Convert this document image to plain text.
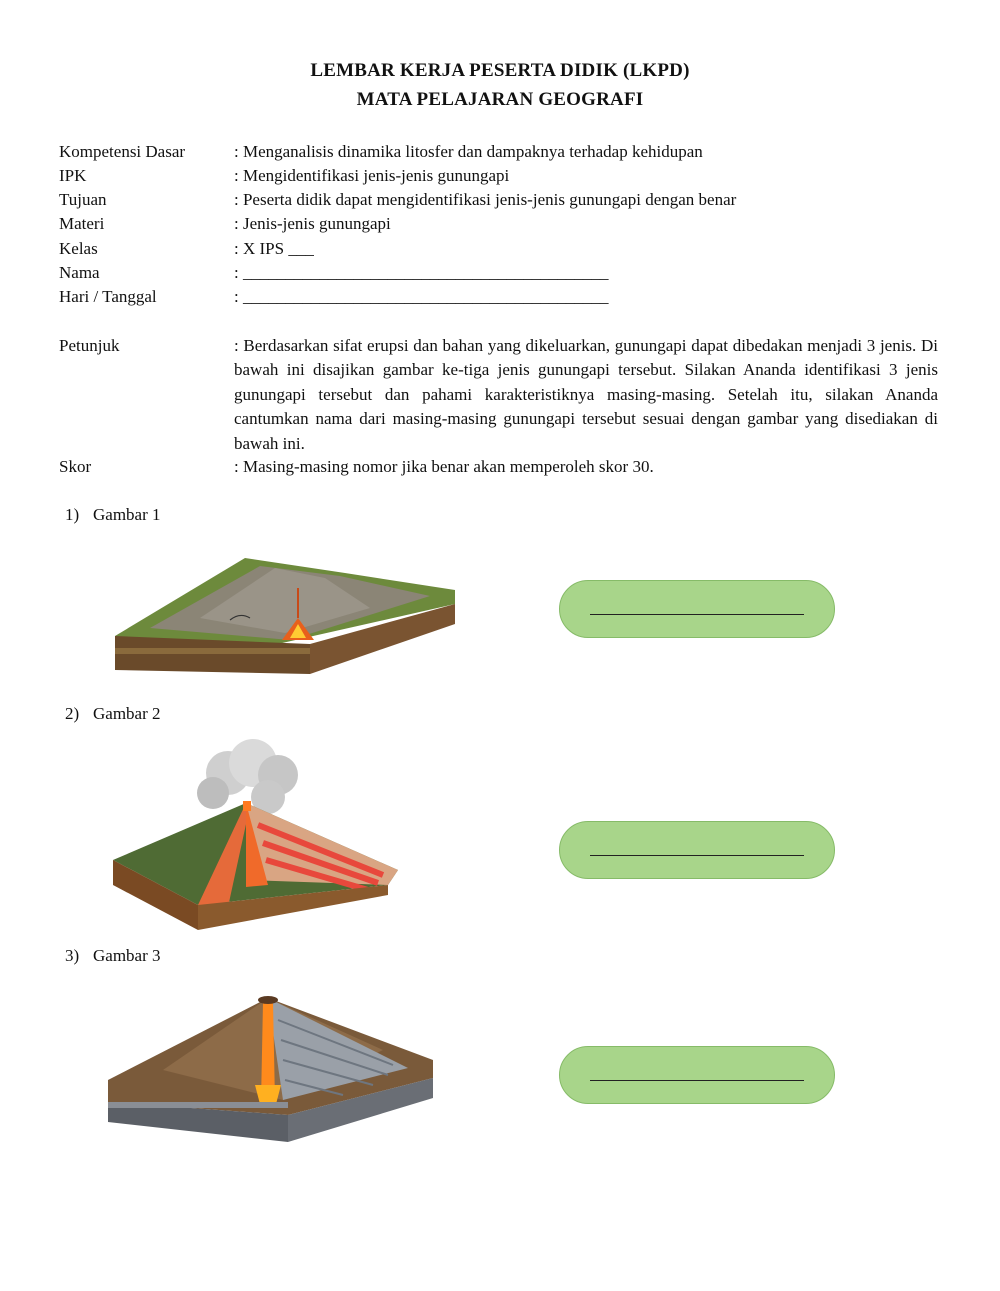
LEMBAR KERJA PESERTA DIDIK (LKPD)
MATA PELAJARAN GEOGRAFI
Kompetensi Dasar	: Menganalisis dinamika litosfer dan dampaknya terhadap kehidupan
IPK	: Mengidentifikasi jenis-jenis gunungapi
Tujuan	: Peserta didik dapat mengidentifikasi jenis-jenis gunungapi dengan benar
Materi	: Jenis-jenis gunungapi
Kelas	: X IPS ___
Nama	: ___________________________________________
Hari / Tanggal	: ___________________________________________
Petunjuk	: Berdasarkan sifat erupsi dan bahan yang dikeluarkan, gunungapi dapat dibedakan menjadi 3 jenis. Di bawah ini disajikan gambar ke-tiga jenis gunungapi tersebut. Silakan Ananda identifikasi 3 jenis gunungapi tersebut dan pahami karakteristiknya masing-masing. Setelah itu, silakan Ananda cantumkan nama dari masing-masing gunungapi tersebut sesuai dengan gambar yang disediakan di bawah ini.
Skor	: Masing-masing nomor jika benar akan memperoleh skor 30.
1) Gambar 1
2) Gambar 2
3) Gambar 3
